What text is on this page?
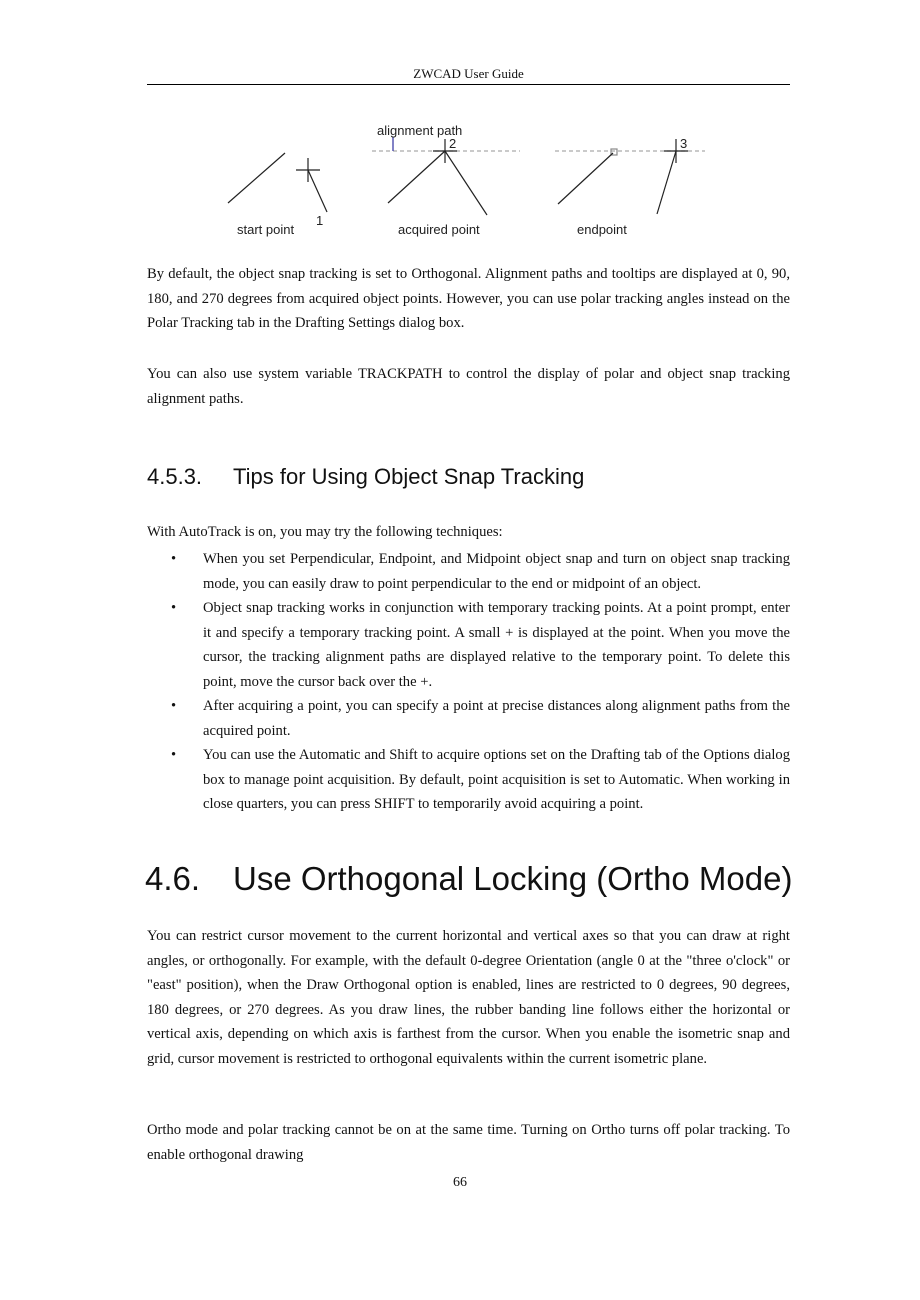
ZWCAD User Guide
alignment path
start point	acquired point	endpoint
1
2	3
By default, the object snap tracking is set to Orthogonal. Alignment paths and tooltips are displayed at 0, 90, 180, and 270 degrees from acquired object points. However, you can use polar tracking angles instead on the Polar Tracking tab in the Drafting Settings dialog box.
You can also use system variable TRACKPATH to control the display of polar and object snap tracking alignment paths.
4.5.3. Tips for Using Object Snap Tracking
With AutoTrack is on, you may try the following techniques:
• When you set Perpendicular, Endpoint, and Midpoint object snap and turn on object snap tracking mode, you can easily draw to point perpendicular to the end or midpoint of an object.
• Object snap tracking works in conjunction with temporary tracking points. At a point prompt, enter it and specify a temporary tracking point. A small + is displayed at the point. When you move the cursor, the tracking alignment paths are displayed relative to the temporary point. To delete this point, move the cursor back over the +.
• After acquiring a point, you can specify a point at precise distances along alignment paths from the acquired point.
• You can use the Automatic and Shift to acquire options set on the Drafting tab of the Options dialog box to manage point acquisition. By default, point acquisition is set to Automatic. When working in close quarters, you can press SHIFT to temporarily avoid acquiring a point.
4.6. Use Orthogonal Locking (Ortho Mode)
You can restrict cursor movement to the current horizontal and vertical axes so that you can draw at right angles, or orthogonally. For example, with the default 0-degree Orientation (angle 0 at the "three o'clock" or "east" position), when the Draw Orthogonal option is enabled, lines are restricted to 0 degrees, 90 degrees, 180 degrees, or 270 degrees. As you draw lines, the rubber banding line follows either the horizontal or vertical axis, depending on which axis is farthest from the cursor. When you enable the isometric snap and grid, cursor movement is restricted to orthogonal equivalents within the current isometric plane.
Ortho mode and polar tracking cannot be on at the same time. Turning on Ortho turns off polar tracking. To enable orthogonal drawing
66
